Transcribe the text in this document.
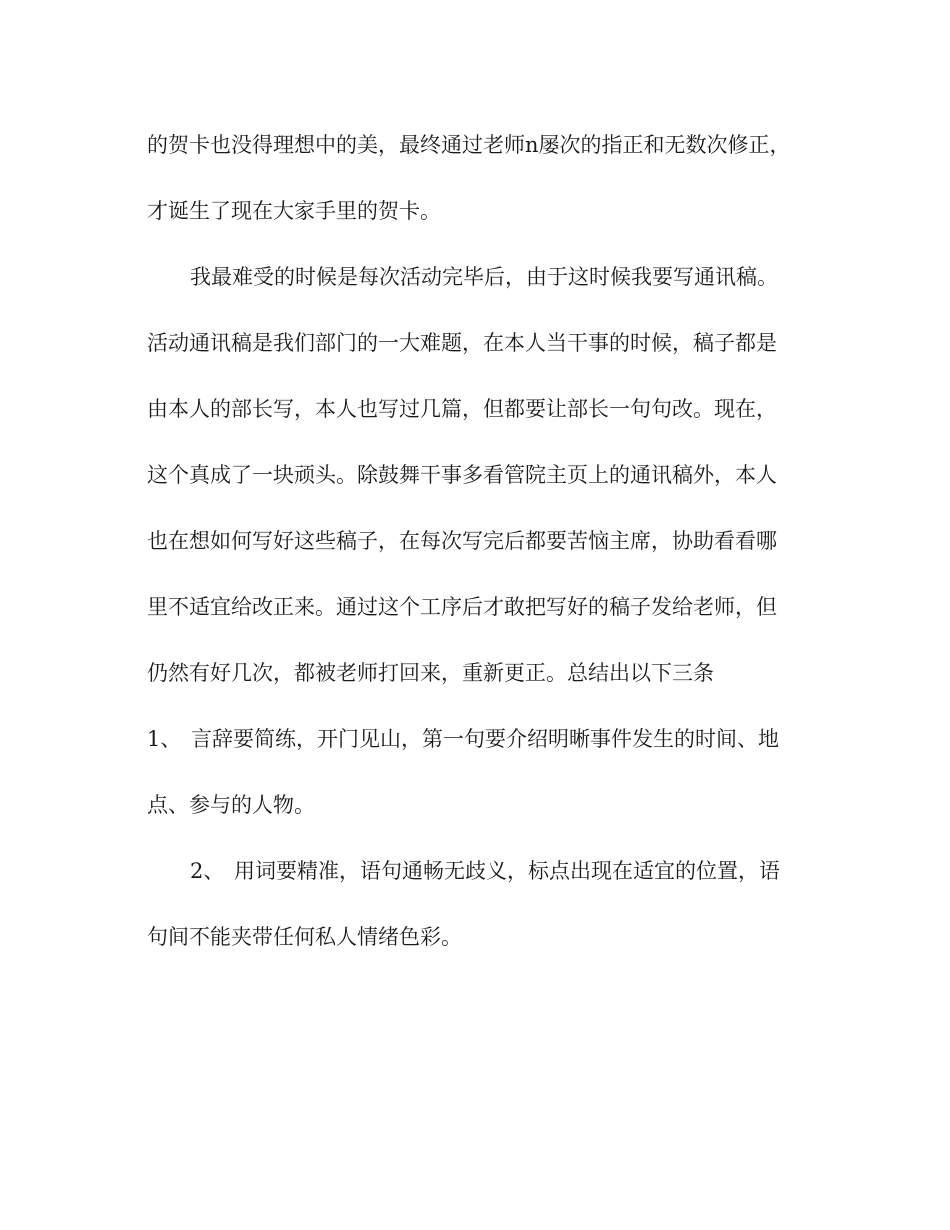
的贺卡也没得理想中的美，最终通过老师n屡次的指正和无数次修正，
才诞生了现在大家手里的贺卡。
我最难受的时候是每次活动完毕后，由于这时候我要写通讯稿。
活动通讯稿是我们部门的一大难题，在本人当干事的时候，稿子都是
由本人的部长写，本人也写过几篇，但都要让部长一句句改。现在，
这个真成了一块顽头。除鼓舞干事多看管院主页上的通讯稿外，本人
也在想如何写好这些稿子，在每次写完后都要苦恼主席，协助看看哪
里不适宜给改正来。通过这个工序后才敢把写好的稿子发给老师，但
仍然有好几次，都被老师打回来，重新更正。总结出以下三条
1、 言辞要简练，开门见山，第一句要介绍明晰事件发生的时间、地
点、参与的人物。
2、 用词要精准，语句通畅无歧义，标点出现在适宜的位置，语
句间不能夹带任何私人情绪色彩。
